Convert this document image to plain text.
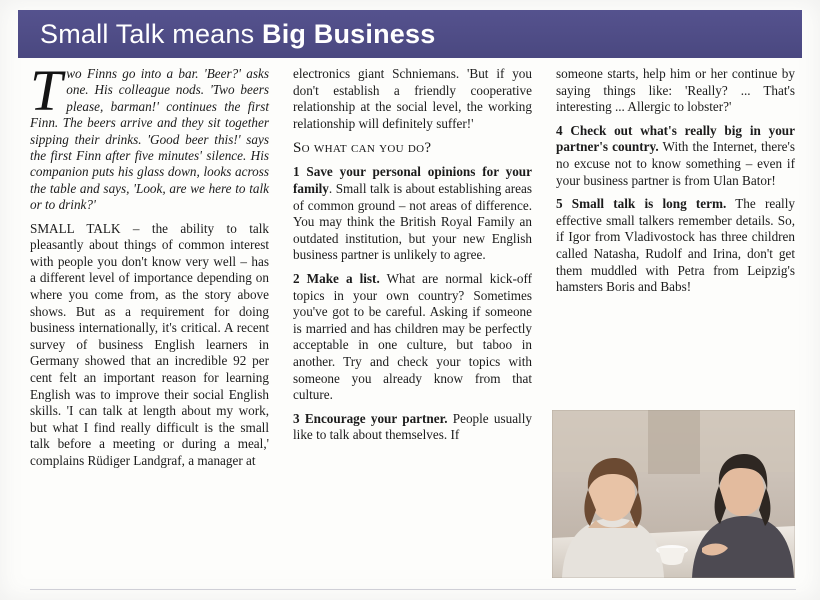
Small Talk means Big Business

Two Finns go into a bar. 'Beer?' asks one. His colleague nods. 'Two beers please, barman!' continues the first Finn. The beers arrive and they sit together sipping their drinks. 'Good beer this!' says the first Finn after five minutes' silence. His companion puts his glass down, looks across the table and says, 'Look, are we here to talk or to drink?'

SMALL TALK – the ability to talk pleasantly about things of common interest with people you don't know very well – has a different level of importance depending on where you come from, as the story above shows. But as a requirement for doing business internationally, it's critical. A recent survey of business English learners in Germany showed that an incredible 92 per cent felt an important reason for learning English was to improve their social English skills. 'I can talk at length about my work, but what I find really difficult is the small talk before a meeting or during a meal,' complains Rüdiger Landgraf, a manager at

electronics giant Schniemans. 'But if you don't establish a friendly cooperative relationship at the social level, the working relationship will definitely suffer!'

So what can you do?

1 Save your personal opinions for your family. Small talk is about establishing areas of common ground – not areas of difference. You may think the British Royal Family an outdated institution, but your new English business partner is unlikely to agree.

2 Make a list. What are normal kick-off topics in your own country? Sometimes you've got to be careful. Asking if someone is married and has children may be perfectly acceptable in one culture, but taboo in another. Try and check your topics with someone you already know from that culture.

3 Encourage your partner. People usually like to talk about themselves. If

someone starts, help him or her continue by saying things like: 'Really? ... That's interesting ... Allergic to lobster?'

4 Check out what's really big in your partner's country. With the Internet, there's no excuse not to know something – even if your business partner is from Ulan Bator!

5 Small talk is long term. The really effective small talkers remember details. So, if Igor from Vladivostock has three children called Natasha, Rudolf and Irina, don't get them muddled with Petra from Leipzig's hamsters Boris and Babs!
